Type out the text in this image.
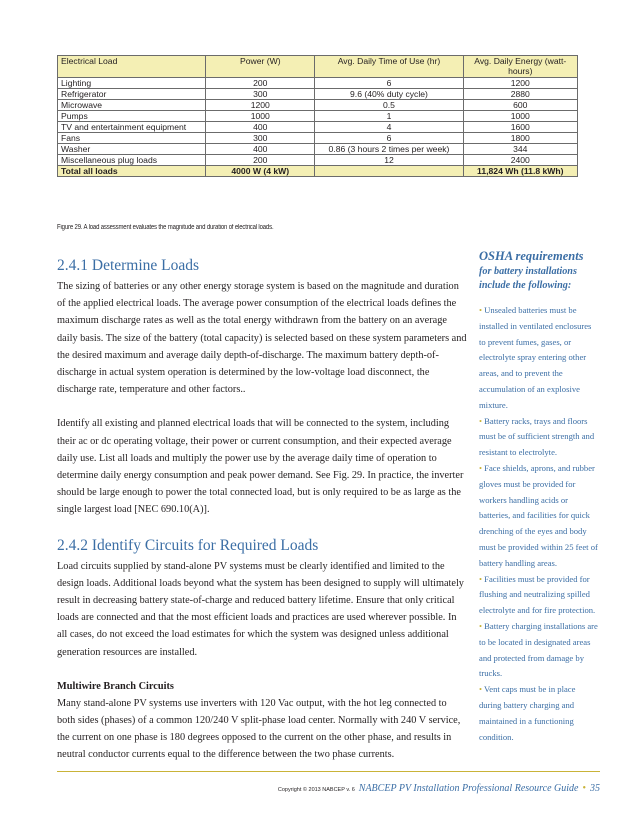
Electrical Load	Power (W)	Avg. Daily Time of Use (hr)	Avg. Daily Energy (watt-hours)
Lighting	200	6	1200
Refrigerator	300	9.6 (40% duty cycle)	2880
Microwave	1200	0.5	600
Pumps	1000	1	1000
TV and entertainment equipment	400	4	1600
Fans	300	6	1800
Washer	400	0.86 (3 hours 2 times per week)	344
Miscellaneous plug loads	200	12	2400
Total all loads	4000 W (4 kW)		11,824 Wh (11.8 kWh)
Figure 29. A load assessment evaluates the magnitude and duration of electrical loads.
2.4.1 Determine Loads

The sizing of batteries or any other energy storage system is based on the magnitude and duration of the applied electrical loads. The average power consumption of the electrical loads defines the maximum discharge rates as well as the total energy withdrawn from the battery on an average daily basis. The size of the battery (total capacity) is selected based on these system parameters and the desired maximum and average daily depth-of-discharge. The maximum battery depth-of-discharge in actual system operation is determined by the low-voltage load disconnect, the discharge rate, temperature and other factors..

Identify all existing and planned electrical loads that will be connected to the system, including their ac or dc operating voltage, their power or current consumption, and their expected average daily use. List all loads and multiply the power use by the average daily time of operation to determine daily energy consumption and peak power demand. See Fig. 29. In practice, the inverter should be large enough to power the total connected load, but is only required to be as large as the single largest load [NEC 690.10(A)].

2.4.2 Identify Circuits for Required Loads

Load circuits supplied by stand-alone PV systems must be clearly identified and limited to the design loads. Additional loads beyond what the system has been designed to supply will ultimately result in decreasing battery state-of-charge and reduced battery lifetime. Ensure that only critical loads are connected and that the most efficient loads and practices are used wherever possible. In all cases, do not exceed the load estimates for which the system was designed unless additional generation resources are installed.

Multiwire Branch Circuits

Many stand-alone PV systems use inverters with 120 Vac output, with the hot leg connected to both sides (phases) of a common 120/240 V split-phase load center. Normally with 240 V service, the current on one phase is 180 degrees opposed to the current on the other phase, and results in neutral conductor currents equal to the difference between the two phase currents.

OSHA requirements

for battery installations include the following:

• Unsealed batteries must be installed in ventilated enclosures to prevent fumes, gases, or electrolyte spray entering other areas, and to prevent the accumulation of an explosive mixture.

• Battery racks, trays and floors must be of sufficient strength and resistant to electrolyte.

• Face shields, aprons, and rubber gloves must be provided for workers handling acids or batteries, and facilities for quick drenching of the eyes and body must be provided within 25 feet of battery handling areas.

• Facilities must be provided for flushing and neutralizing spilled electrolyte and for fire protection.

• Battery charging installations are to be located in designated areas and protected from damage by trucks.

• Vent caps must be in place during battery charging and maintained in a functioning condition.

Copyright © 2013 NABCEP v. 6 NABCEP PV Installation Professional Resource Guide • 35
